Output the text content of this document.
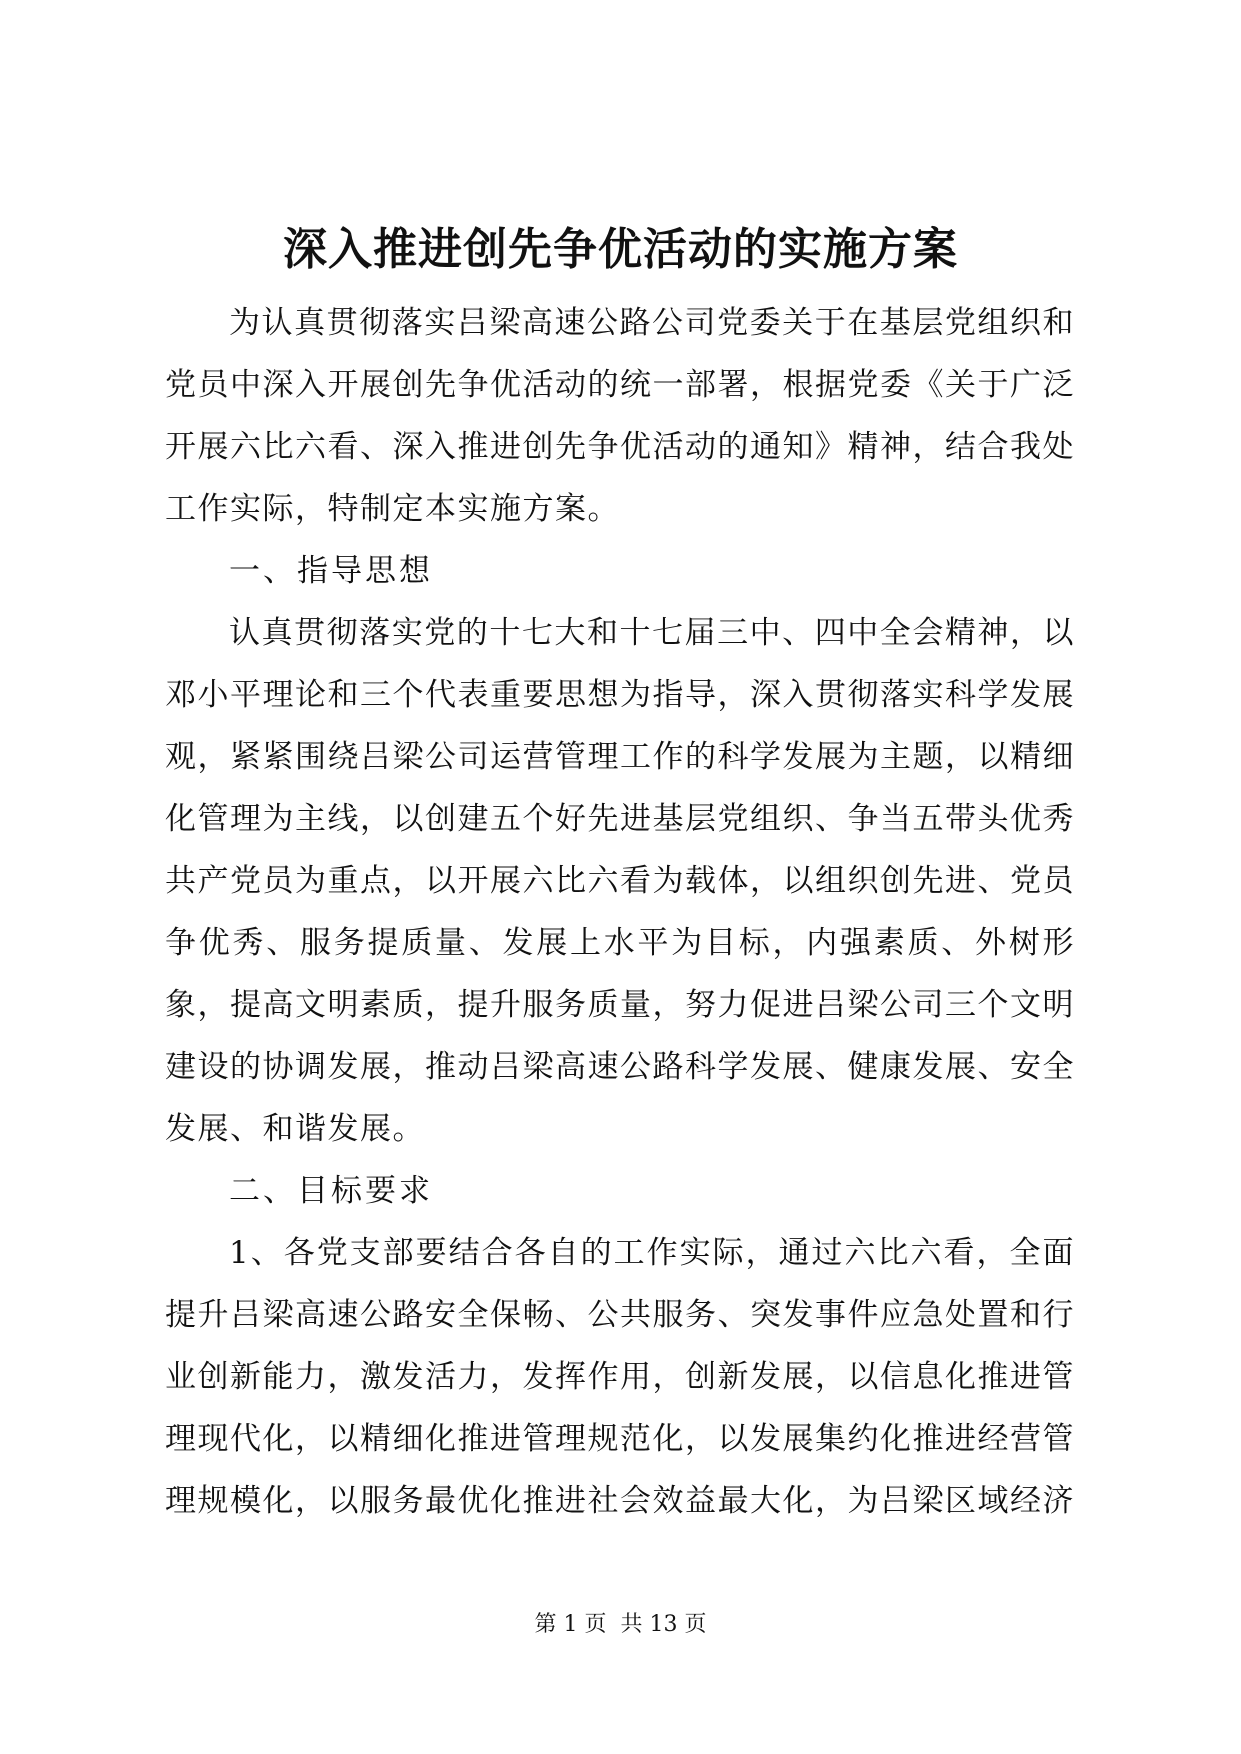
深入推进创先争优活动的实施方案

为认真贯彻落实吕梁高速公路公司党委关于在基层党组织和党员中深入开展创先争优活动的统一部署，根据党委《关于广泛开展六比六看、深入推进创先争优活动的通知》精神，结合我处工作实际，特制定本实施方案。

一、指导思想

认真贯彻落实党的十七大和十七届三中、四中全会精神，以邓小平理论和三个代表重要思想为指导，深入贯彻落实科学发展观，紧紧围绕吕梁公司运营管理工作的科学发展为主题，以精细化管理为主线，以创建五个好先进基层党组织、争当五带头优秀共产党员为重点，以开展六比六看为载体，以组织创先进、党员争优秀、服务提质量、发展上水平为目标，内强素质、外树形象，提高文明素质，提升服务质量，努力促进吕梁公司三个文明建设的协调发展，推动吕梁高速公路科学发展、健康发展、安全发展、和谐发展。

二、目标要求

1、各党支部要结合各自的工作实际，通过六比六看，全面提升吕梁高速公路安全保畅、公共服务、突发事件应急处置和行业创新能力，激发活力，发挥作用，创新发展，以信息化推进管理现代化，以精细化推进管理规范化，以发展集约化推进经营管理规模化，以服务最优化推进社会效益最大化，为吕梁区域经济

第 1 页  共 13 页
